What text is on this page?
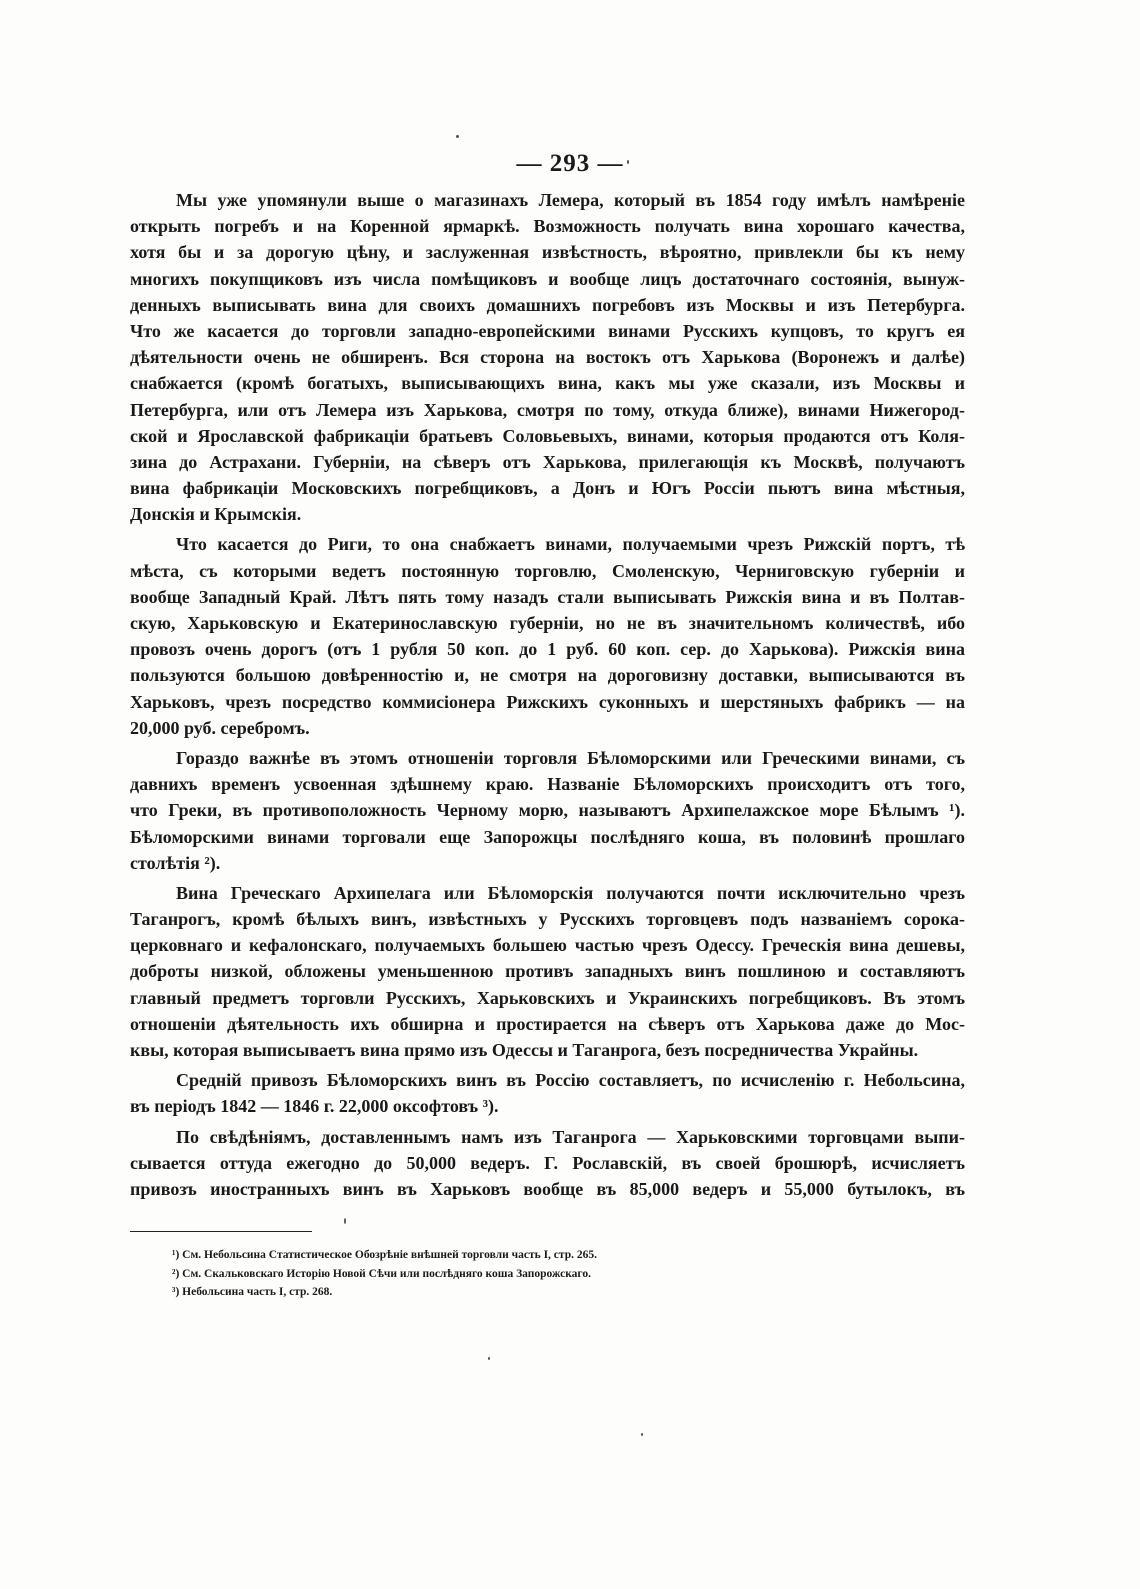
— 293 —
Мы уже упомянули выше о магазинахъ Лемера, который въ 1854 году имѣлъ намѣреніе
открыть погребъ и на Коренной ярмаркѣ. Возможность получать вина хорошаго качества,
хотя бы и за дорогую цѣну, и заслуженная извѣстность, вѣроятно, привлекли бы къ нему
многихъ покупщиковъ изъ числа помѣщиковъ и вообще лицъ достаточнаго состоянія, вынуж-
денныхъ выписывать вина для своихъ домашнихъ погребовъ изъ Москвы и изъ Петербурга.
Что же касается до торговли западно-европейскими винами Русскихъ купцовъ, то кругъ ея
дѣятельности очень не обширенъ. Вся сторона на востокъ отъ Харькова (Воронежъ и далѣе)
снабжается (кромѣ богатыхъ, выписывающихъ вина, какъ мы уже сказали, изъ Москвы и
Петербурга, или отъ Лемера изъ Харькова, смотря по тому, откуда ближе), винами Нижегород-
ской и Ярославской фабрикаціи братьевъ Соловьевыхъ, винами, которыя продаются отъ Коля-
зина до Астрахани. Губерніи, на сѣверъ отъ Харькова, прилегающія къ Москвѣ, получаютъ
вина фабрикаціи Московскихъ погребщиковъ, а Донъ и Югъ Россіи пьютъ вина мѣстныя,
Донскія и Крымскія.
Что касается до Риги, то она снабжаетъ винами, получаемыми чрезъ Рижскій портъ, тѣ
мѣста, съ которыми ведетъ постоянную торговлю, Смоленскую, Черниговскую губерніи и
вообще Западный Край. Лѣтъ пять тому назадъ стали выписывать Рижскія вина и въ Полтав-
скую, Харьковскую и Екатеринославскую губерніи, но не въ значительномъ количествѣ, ибо
провозъ очень дорогъ (отъ 1 рубля 50 коп. до 1 руб. 60 коп. сер. до Харькова). Рижскія вина
пользуются большою довѣренностію и, не смотря на дороговизну доставки, выписываются въ
Харьковъ, чрезъ посредство коммисіонера Рижскихъ суконныхъ и шерстяныхъ фабрикъ — на
20,000 руб. серебромъ.
Гораздо важнѣе въ этомъ отношеніи торговля Бѣломорскими или Греческими винами, съ
давнихъ временъ усвоенная здѣшнему краю. Названіе Бѣломорскихъ происходитъ отъ того,
что Греки, въ противоположность Черному морю, называютъ Архипелажское море Бѣлымъ ¹).
Бѣломорскими винами торговали еще Запорожцы послѣдняго коша, въ половинѣ прошлаго
столѣтія ²).
Вина Греческаго Архипелага или Бѣломорскія получаются почти исключительно чрезъ
Таганрогъ, кромѣ бѣлыхъ винъ, извѣстныхъ у Русскихъ торговцевъ подъ названіемъ сорока-
церковнаго и кефалонскаго, получаемыхъ большею частью чрезъ Одессу. Греческія вина дешевы,
доброты низкой, обложены уменьшенною противъ западныхъ винъ пошлиною и составляютъ
главный предметъ торговли Русскихъ, Харьковскихъ и Украинскихъ погребщиковъ. Въ этомъ
отношеніи дѣятельность ихъ обширна и простирается на сѣверъ отъ Харькова даже до Мос-
квы, которая выписываетъ вина прямо изъ Одессы и Таганрога, безъ посредничества Украйны.
Средній привозъ Бѣломорскихъ винъ въ Россію составляетъ, по исчисленію г. Небольсина,
въ періодъ 1842 — 1846 г. 22,000 оксофтовъ ³).
По свѣдѣніямъ, доставленнымъ намъ изъ Таганрога — Харьковскими торговцами выпи-
сывается оттуда ежегодно до 50,000 ведеръ. Г. Рославскій, въ своей брошюрѣ, исчисляетъ
привозъ иностранныхъ винъ въ Харьковъ вообще въ 85,000 ведеръ и 55,000 бутылокъ, въ
¹) См. Небольсина Статистическое Обозрѣніе внѣшней торговли часть I, стр. 265.
²) См. Скальковскаго Исторію Новой Сѣчи или послѣдняго коша Запорожскаго.
³) Небольсина часть I, стр. 268.
